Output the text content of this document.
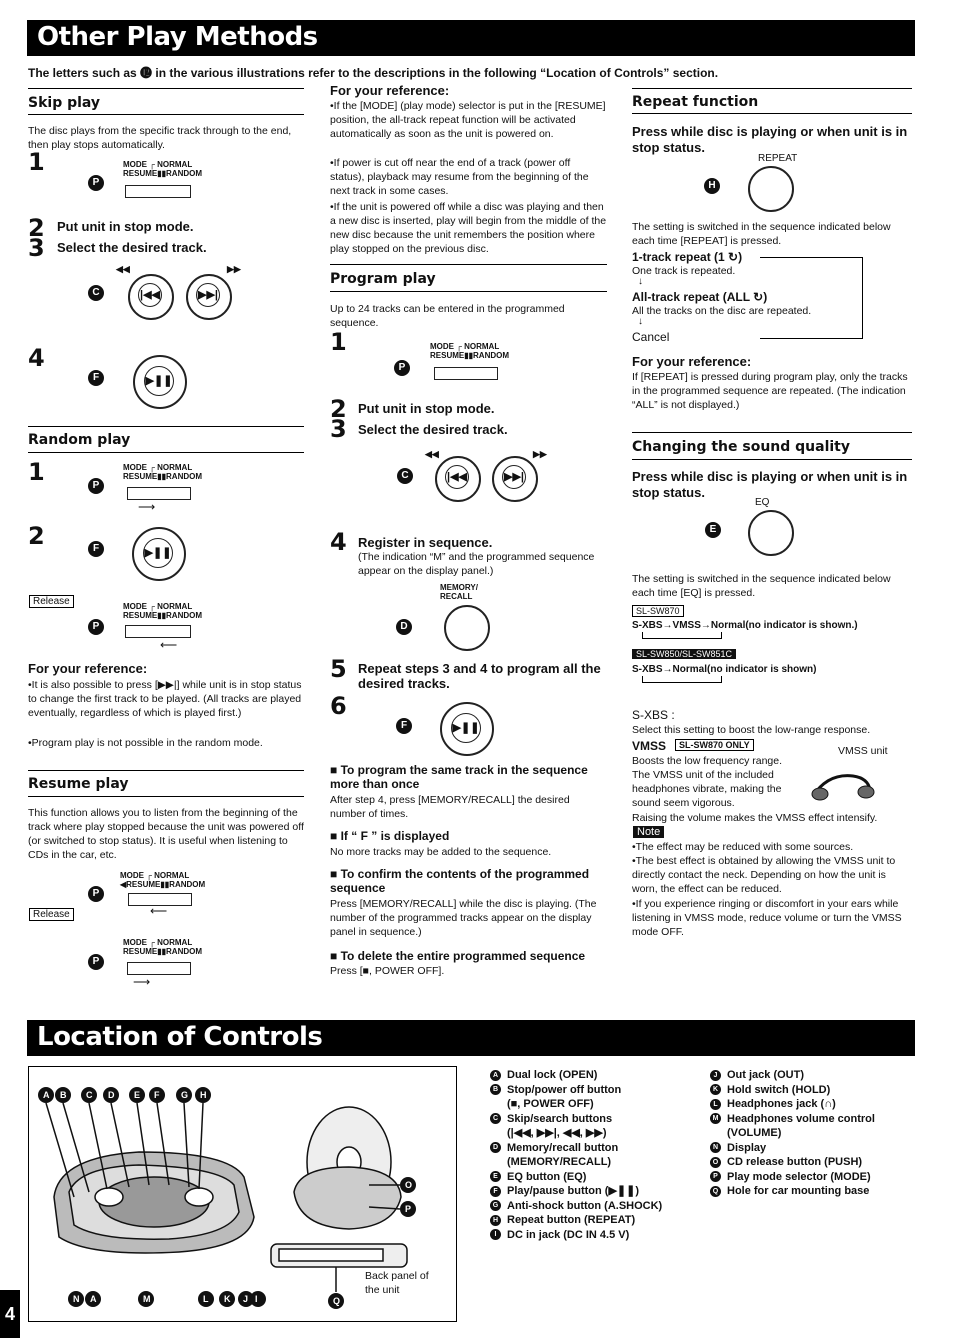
Other Play Methods
The letters such as ⓬ in the various illustrations refer to the descriptions in the following “Location of Controls” section.
Skip play
The disc plays from the specific track through to the end, then play stops automatically.
1	MODE ┌ NORMAL
RESUME▮▮RANDOM
P
2 Put unit in stop mode.
3 Select the desired track.
C
◀◀	▶▶
|◀◀	▶▶|
4
F	▶❚❚
Random play
1	MODE ┌ NORMAL
RESUME▮▮RANDOM
P
⟶
2	F	▶❚❚
Release	MODE ┌ NORMAL
RESUME▮▮RANDOM
P
⟵
For your reference:
•It is also possible to press [▶▶|] while unit is in stop status to change the first track to be played. (All tracks are played eventually, regardless of which is played first.)
•Program play is not possible in the random mode.
Resume play
This function allows you to listen from the beginning of the track where play stopped because the unit was powered off (or switched to stop status). It is useful when listening to CDs in the car, etc.
MODE ┌ NORMAL
◀RESUME▮▮RANDOM
P
Release	⟵
MODE ┌ NORMAL
RESUME▮▮RANDOM
P
⟶
For your reference:
•If the [MODE] (play mode) selector is put in the [RESUME] position, the all-track repeat function will be activated automatically as soon as the unit is powered on.
•If power is cut off near the end of a track (power off status), playback may resume from the beginning of the next track in some cases.
•If the unit is powered off while a disc was playing and then a new disc is inserted, play will begin from the middle of the new disc because the unit remembers the position where play stopped on the previous disc.
Program play
Up to 24 tracks can be entered in the programmed sequence.
1	MODE ┌ NORMAL
RESUME▮▮RANDOM
P
2 Put unit in stop mode.
3 Select the desired track.
C
◀◀	▶▶
|◀◀	▶▶|
4 Register in sequence.
(The indication “M” and the programmed sequence appear on the display panel.)
MEMORY/ RECALL
D
5 Repeat steps 3 and 4 to program all the desired tracks.
6
F	▶❚❚
■ To program the same track in the sequence more than once
After step 4, press [MEMORY/RECALL] the desired number of times.
■ If “ F ” is displayed
No more tracks may be added to the sequence.
■ To confirm the contents of the programmed sequence
Press [MEMORY/RECALL] while the disc is playing. (The number of the programmed tracks appear on the display panel in sequence.)
■ To delete the entire programmed sequence
Press [■, POWER OFF].
Repeat function
Press while disc is playing or when unit is in stop status.
REPEAT
H
The setting is switched in the sequence indicated below each time [REPEAT] is pressed.
1-track repeat (1 ↻)
One track is repeated.
↓
All-track repeat (ALL ↻)
All the tracks on the disc are repeated.
↓
Cancel
For your reference:
If [REPEAT] is pressed during program play, only the tracks in the programmed sequence are repeated. (The indication “ALL” is not displayed.)
Changing the sound quality
Press while disc is playing or when unit is in stop status.
EQ
E
The setting is switched in the sequence indicated below each time [EQ] is pressed.
SL-SW870
S-XBS→VMSS→Normal(no indicator is shown.)
SL-SW850/SL-SW851C
S-XBS→Normal(no indicator is shown)
S-XBS :
Select this setting to boost the low-range response.
VMSS	SL-SW870 ONLY	VMSS unit
Boosts the low frequency range. The VMSS unit of the included headphones vibrate, making the sound seem vigorous.
Raising the volume makes the VMSS effect intensify.
Note
•The effect may be reduced with some sources.
•The best effect is obtained by allowing the VMSS unit to directly contact the neck. Depending on how the unit is worn, the effect can be reduced.
•If you experience ringing or discomfort in your ears while listening in VMSS mode, reduce volume or turn the VMSS mode OFF.
Location of Controls
A B C D E F G H
N A	M	L K J I
O
P
Q
Back panel of the unit
A Dual lock (OPEN)
B Stop/power off button
(■, POWER OFF)
C Skip/search buttons
(|◀◀, ▶▶|, ◀◀, ▶▶)
D Memory/recall button
(MEMORY/RECALL)
E EQ button (EQ)
F Play/pause button (▶❚❚)
G Anti-shock button (A.SHOCK)
H Repeat button (REPEAT)
I DC in jack (DC IN 4.5 V)
J Out jack (OUT)
K Hold switch (HOLD)
L Headphones jack (∩)
M Headphones volume control
(VOLUME)
N Display
O CD release button (PUSH)
P Play mode selector (MODE)
Q Hole for car mounting base
4
